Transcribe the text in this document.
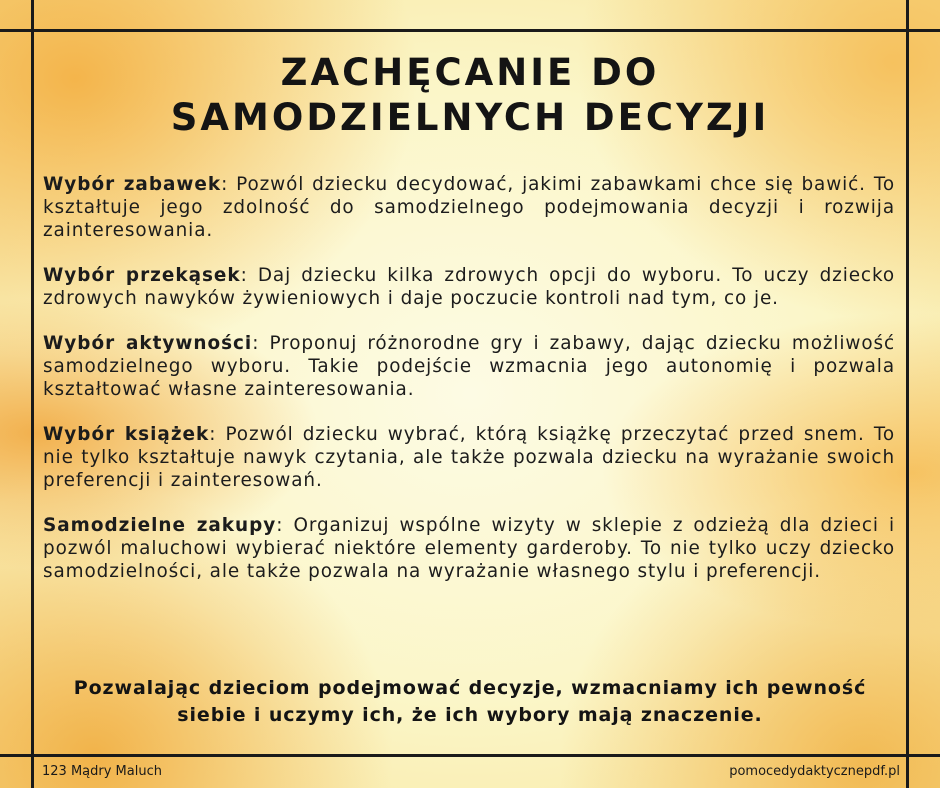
ZACHĘCANIE DO
SAMODZIELNYCH DECYZJI

Wybór zabawek: Pozwól dziecku decydować, jakimi zabawkami chce się bawić. To kształtuje jego zdolność do samodzielnego podejmowania decyzji i rozwija zainteresowania.

Wybór przekąsek: Daj dziecku kilka zdrowych opcji do wyboru. To uczy dziecko zdrowych nawyków żywieniowych i daje poczucie kontroli nad tym, co je.

Wybór aktywności: Proponuj różnorodne gry i zabawy, dając dziecku możliwość samodzielnego wyboru. Takie podejście wzmacnia jego autonomię i pozwala kształtować własne zainteresowania.

Wybór książek: Pozwól dziecku wybrać, którą książkę przeczytać przed snem. To nie tylko kształtuje nawyk czytania, ale także pozwala dziecku na wyrażanie swoich preferencji i zainteresowań.

Samodzielne zakupy: Organizuj wspólne wizyty w sklepie z odzieżą dla dzieci i pozwól maluchowi wybierać niektóre elementy garderoby. To nie tylko uczy dziecko samodzielności, ale także pozwala na wyrażanie własnego stylu i preferencji.

Pozwalając dzieciom podejmować decyzje, wzmacniamy ich pewność siebie i uczymy ich, że ich wybory mają znaczenie.
123 Mądry Maluch	pomocedydaktycznepdf.pl
